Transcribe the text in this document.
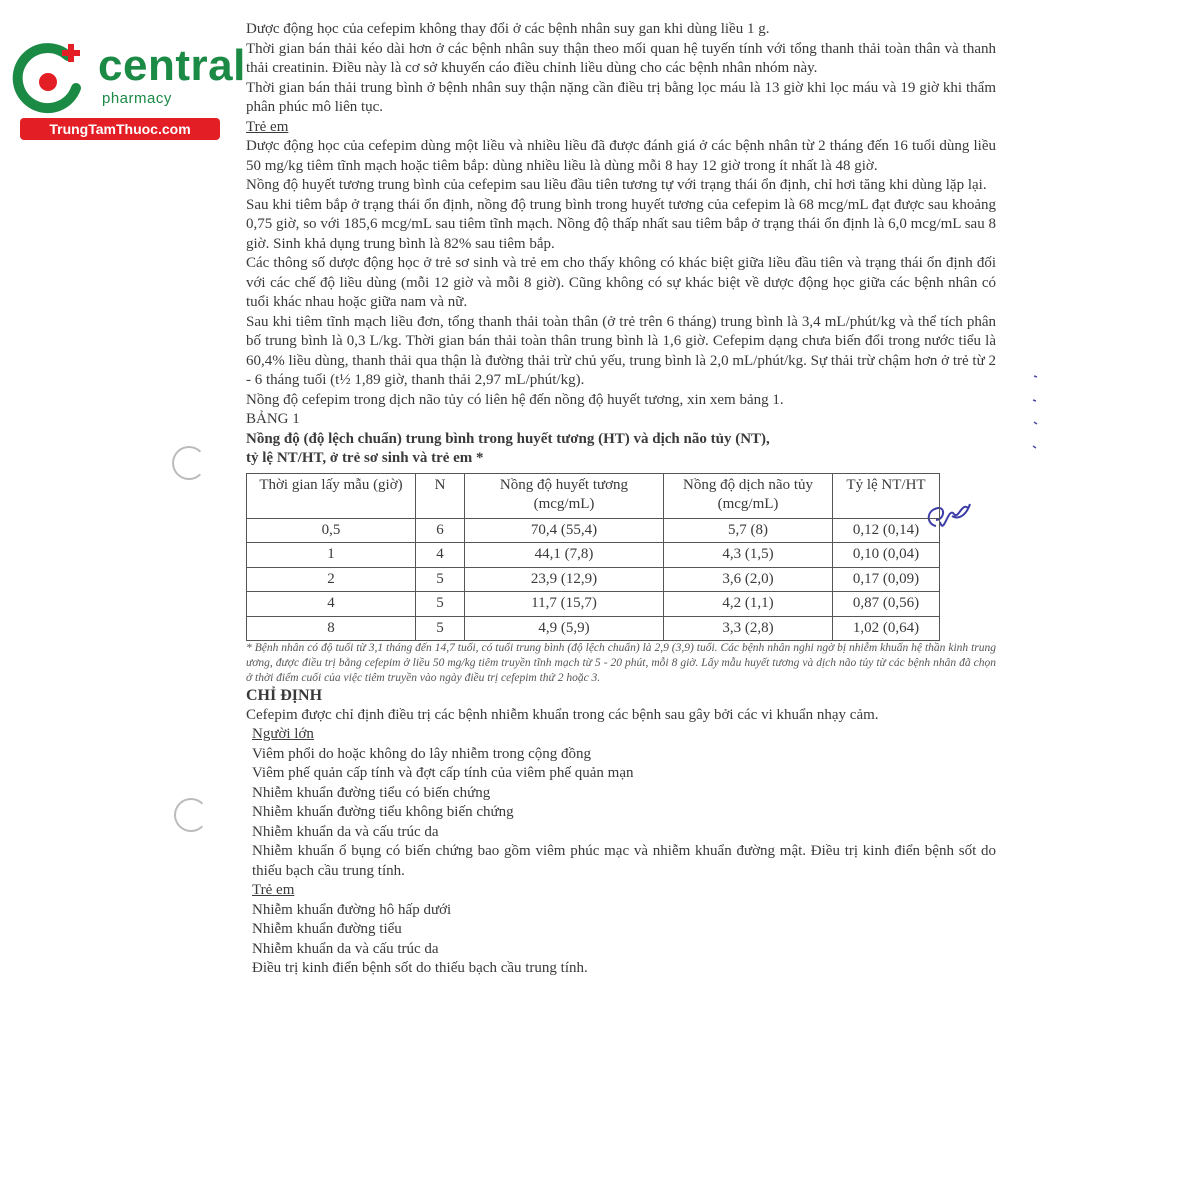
central
pharmacy
TrungTamThuoc.com

Dược động học của cefepim không thay đổi ở các bệnh nhân suy gan khi dùng liều 1 g.

Thời gian bán thải kéo dài hơn ở các bệnh nhân suy thận theo mối quan hệ tuyến tính với tổng thanh thải toàn thân và thanh thải creatinin. Điều này là cơ sở khuyến cáo điều chỉnh liều dùng cho các bệnh nhân nhóm này.

Thời gian bán thải trung bình ở bệnh nhân suy thận nặng cần điều trị bằng lọc máu là 13 giờ khi lọc máu và 19 giờ khi thẩm phân phúc mô liên tục.

Trẻ em

Dược động học của cefepim dùng một liều và nhiều liều đã được đánh giá ở các bệnh nhân từ 2 tháng đến 16 tuổi dùng liều 50 mg/kg tiêm tĩnh mạch hoặc tiêm bắp: dùng nhiều liều là dùng mỗi 8 hay 12 giờ trong ít nhất là 48 giờ.

Nồng độ huyết tương trung bình của cefepim sau liều đầu tiên tương tự với trạng thái ổn định, chỉ hơi tăng khi dùng lặp lại.

Sau khi tiêm bắp ở trạng thái ổn định, nồng độ trung bình trong huyết tương của cefepim là 68 mcg/mL đạt được sau khoảng 0,75 giờ, so với 185,6 mcg/mL sau tiêm tĩnh mạch. Nồng độ thấp nhất sau tiêm bắp ở trạng thái ổn định là 6,0 mcg/mL sau 8 giờ. Sinh khả dụng trung bình là 82% sau tiêm bắp.

Các thông số dược động học ở trẻ sơ sinh và trẻ em cho thấy không có khác biệt giữa liều đầu tiên và trạng thái ổn định đối với các chế độ liều dùng (mỗi 12 giờ và mỗi 8 giờ). Cũng không có sự khác biệt về dược động học giữa các bệnh nhân có tuổi khác nhau hoặc giữa nam và nữ.

Sau khi tiêm tĩnh mạch liều đơn, tổng thanh thải toàn thân (ở trẻ trên 6 tháng) trung bình là 3,4 mL/phút/kg và thể tích phân bố trung bình là 0,3 L/kg. Thời gian bán thải toàn thân trung bình là 1,6 giờ. Cefepim dạng chưa biến đổi trong nước tiểu là 60,4% liều dùng, thanh thải qua thận là đường thải trừ chủ yếu, trung bình là 2,0 mL/phút/kg. Sự thải trừ chậm hơn ở trẻ từ 2 - 6 tháng tuổi (t½ 1,89 giờ, thanh thải 2,97 mL/phút/kg).

Nồng độ cefepim trong dịch não tủy có liên hệ đến nồng độ huyết tương, xin xem bảng 1.

BẢNG 1

Nồng độ (độ lệch chuẩn) trung bình trong huyết tương (HT) và dịch não tủy (NT),

tỷ lệ NT/HT, ở trẻ sơ sinh và trẻ em *

Thời gian lấy mẫu (giờ)	N	Nồng độ huyết tương (mcg/mL)	Nồng độ dịch não tủy (mcg/mL)	Tỷ lệ NT/HT
0,5	6	70,4 (55,4)	5,7 (8)	0,12 (0,14)
1	4	44,1 (7,8)	4,3 (1,5)	0,10 (0,04)
2	5	23,9 (12,9)	3,6 (2,0)	0,17 (0,09)
4	5	11,7 (15,7)	4,2 (1,1)	0,87 (0,56)
8	5	4,9 (5,9)	3,3 (2,8)	1,02 (0,64)

* Bệnh nhân có độ tuổi từ 3,1 tháng đến 14,7 tuổi, có tuổi trung bình (độ lệch chuẩn) là 2,9 (3,9) tuổi. Các bệnh nhân nghi ngờ bị nhiễm khuẩn hệ thần kinh trung ương, được điều trị bằng cefepim ở liều 50 mg/kg tiêm truyền tĩnh mạch từ 5 - 20 phút, mỗi 8 giờ. Lấy mẫu huyết tương và dịch não tủy từ các bệnh nhân đã chọn ở thời điểm cuối của việc tiêm truyền vào ngày điều trị cefepim thứ 2 hoặc 3.

CHỈ ĐỊNH

Cefepim được chỉ định điều trị các bệnh nhiễm khuẩn trong các bệnh sau gây bởi các vi khuẩn nhạy cảm.

Người lớn

Viêm phổi do hoặc không do lây nhiễm trong cộng đồng

Viêm phế quản cấp tính và đợt cấp tính của viêm phế quản mạn

Nhiễm khuẩn đường tiểu có biến chứng

Nhiễm khuẩn đường tiểu không biến chứng

Nhiễm khuẩn da và cấu trúc da

Nhiễm khuẩn ổ bụng có biến chứng bao gồm viêm phúc mạc và nhiễm khuẩn đường mật. Điều trị kinh điển bệnh sốt do thiếu bạch cầu trung tính.

Trẻ em

Nhiễm khuẩn đường hô hấp dưới

Nhiễm khuẩn đường tiểu

Nhiễm khuẩn da và cấu trúc da

Điều trị kinh điển bệnh sốt do thiếu bạch cầu trung tính.
